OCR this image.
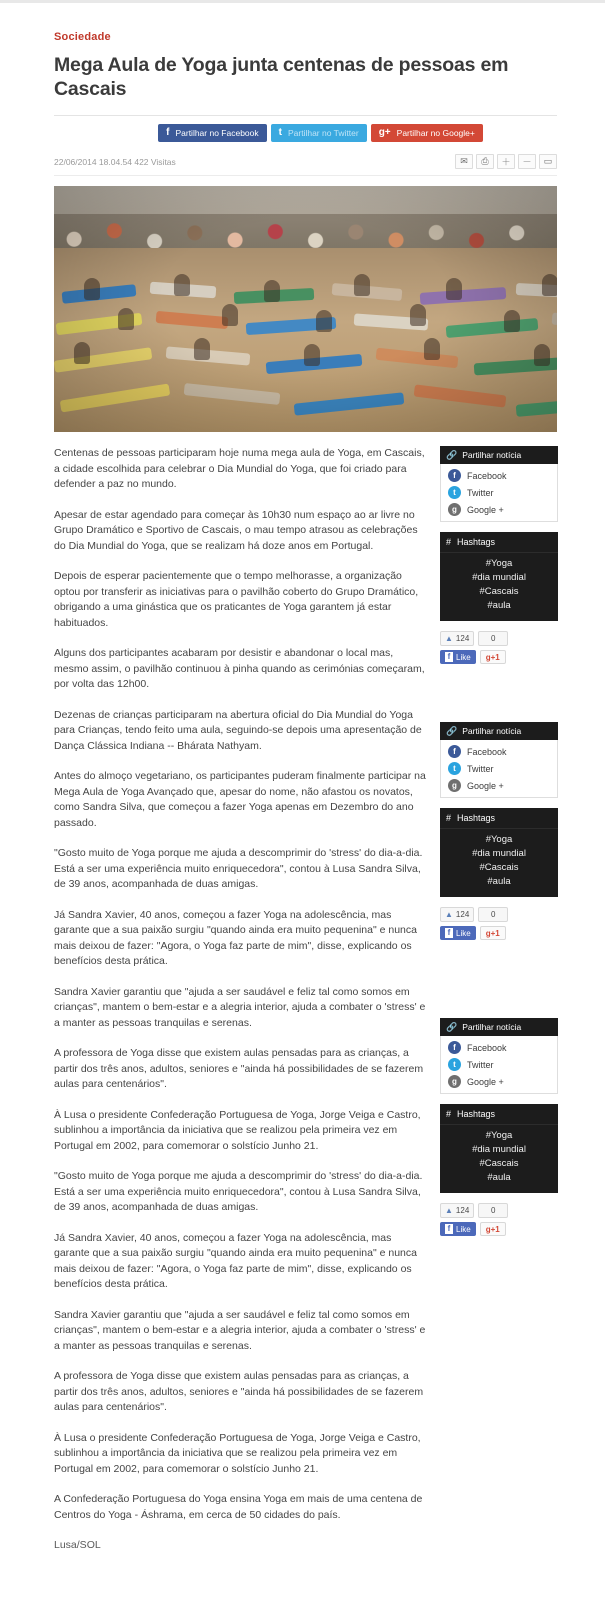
Sociedade
Mega Aula de Yoga junta centenas de pessoas em Cascais
f Partilhar no Facebook t Partilhar no Twitter g+ Partilhar no Google+
22/06/2014 18.04.54 422 Visitas	✉	⎙	＋	－	▭

Centenas de pessoas participaram hoje numa mega aula de Yoga, em Cascais, a cidade escolhida para celebrar o Dia Mundial do Yoga, que foi criado para defender a paz no mundo.

Apesar de estar agendado para começar às 10h30 num espaço ao ar livre no Grupo Dramático e Sportivo de Cascais, o mau tempo atrasou as celebrações do Dia Mundial do Yoga, que se realizam há doze anos em Portugal.

Depois de esperar pacientemente que o tempo melhorasse, a organização optou por transferir as iniciativas para o pavilhão coberto do Grupo Dramático, obrigando a uma ginástica que os praticantes de Yoga garantem já estar habituados.

Alguns dos participantes acabaram por desistir e abandonar o local mas, mesmo assim, o pavilhão continuou à pinha quando as cerimónias começaram, por volta das 12h00.

Dezenas de crianças participaram na abertura oficial do Dia Mundial do Yoga para Crianças, tendo feito uma aula, seguindo-se depois uma apresentação de Dança Clássica Indiana -- Bhárata Nathyam.

Antes do almoço vegetariano, os participantes puderam finalmente participar na Mega Aula de Yoga Avançado que, apesar do nome, não afastou os novatos, como Sandra Silva, que começou a fazer Yoga apenas em Dezembro do ano passado.

"Gosto muito de Yoga porque me ajuda a descomprimir do 'stress' do dia-a-dia. Está a ser uma experiência muito enriquecedora", contou à Lusa Sandra Silva, de 39 anos, acompanhada de duas amigas.

Já Sandra Xavier, 40 anos, começou a fazer Yoga na adolescência, mas garante que a sua paixão surgiu "quando ainda era muito pequenina" e nunca mais deixou de fazer: "Agora, o Yoga faz parte de mim", disse, explicando os benefícios desta prática.

Sandra Xavier garantiu que "ajuda a ser saudável e feliz tal como somos em crianças", mantem o bem-estar e a alegria interior, ajuda a combater o 'stress' e a manter as pessoas tranquilas e serenas.

A professora de Yoga disse que existem aulas pensadas para as crianças, a partir dos três anos, adultos, seniores e "ainda há possibilidades de se fazerem aulas para centenários".

À Lusa o presidente Confederação Portuguesa de Yoga, Jorge Veiga e Castro, sublinhou a importância da iniciativa que se realizou pela primeira vez em Portugal em 2002, para comemorar o solstício Junho 21.

"Gosto muito de Yoga porque me ajuda a descomprimir do 'stress' do dia-a-dia. Está a ser uma experiência muito enriquecedora", contou à Lusa Sandra Silva, de 39 anos, acompanhada de duas amigas.

Já Sandra Xavier, 40 anos, começou a fazer Yoga na adolescência, mas garante que a sua paixão surgiu "quando ainda era muito pequenina" e nunca mais deixou de fazer: "Agora, o Yoga faz parte de mim", disse, explicando os benefícios desta prática.

Sandra Xavier garantiu que "ajuda a ser saudável e feliz tal como somos em crianças", mantem o bem-estar e a alegria interior, ajuda a combater o 'stress' e a manter as pessoas tranquilas e serenas.

A professora de Yoga disse que existem aulas pensadas para as crianças, a partir dos três anos, adultos, seniores e "ainda há possibilidades de se fazerem aulas para centenários".

À Lusa o presidente Confederação Portuguesa de Yoga, Jorge Veiga e Castro, sublinhou a importância da iniciativa que se realizou pela primeira vez em Portugal em 2002, para comemorar o solstício Junho 21.

A Confederação Portuguesa do Yoga ensina Yoga em mais de uma centena de Centros do Yoga - Áshrama, em cerca de 50 cidades do país.

Lusa/SOL

🔗 Partilhar notícia
f	Facebook
t	Twitter
g	Google +
# Hashtags
#Yoga
#dia mundial
#Cascais
#aula
▲ 124	0
f Like g+1
🔗 Partilhar notícia
f	Facebook
t	Twitter
g	Google +
# Hashtags
#Yoga
#dia mundial
#Cascais
#aula
▲ 124	0
f Like g+1
🔗 Partilhar notícia
f	Facebook
t	Twitter
g	Google +
# Hashtags
#Yoga
#dia mundial
#Cascais
#aula
▲ 124	0
f Like g+1
